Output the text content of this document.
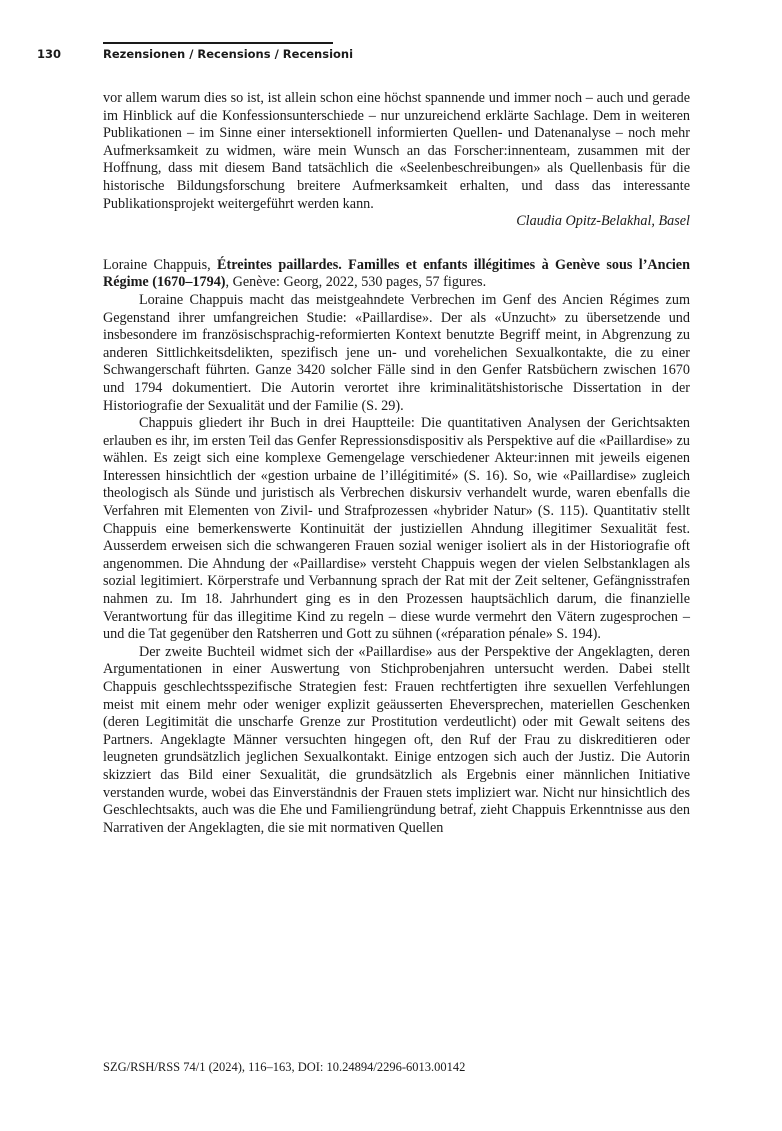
130	Rezensionen / Recensions / Recensioni

vor allem warum dies so ist, ist allein schon eine höchst spannende und immer noch – auch und gerade im Hinblick auf die Konfessionsunterschiede – nur unzureichend erklärte Sachlage. Dem in weiteren Publikationen – im Sinne einer intersektionell informierten Quellen- und Datenanalyse – noch mehr Aufmerksamkeit zu widmen, wäre mein Wunsch an das Forscher:innenteam, zusammen mit der Hoffnung, dass mit diesem Band tatsächlich die «Seelenbeschreibungen» als Quellenbasis für die historische Bildungsforschung breitere Aufmerksamkeit erhalten, und dass das interessante Publikationsprojekt weitergeführt werden kann.

Claudia Opitz-Belakhal, Basel

Loraine Chappuis, Étreintes paillardes. Familles et enfants illégitimes à Genève sous l’Ancien Régime (1670–1794), Genève: Georg, 2022, 530 pages, 57 figures.

Loraine Chappuis macht das meistgeahndete Verbrechen im Genf des Ancien Régimes zum Gegenstand ihrer umfangreichen Studie: «Paillardise». Der als «Unzucht» zu übersetzende und insbesondere im französischsprachig-reformierten Kontext benutzte Begriff meint, in Abgrenzung zu anderen Sittlichkeitsdelikten, spezifisch jene un- und vorehelichen Sexualkontakte, die zu einer Schwangerschaft führten. Ganze 3420 solcher Fälle sind in den Genfer Ratsbüchern zwischen 1670 und 1794 dokumentiert. Die Autorin verortet ihre kriminalitätshistorische Dissertation in der Historiografie der Sexualität und der Familie (S. 29).

Chappuis gliedert ihr Buch in drei Hauptteile: Die quantitativen Analysen der Gerichtsakten erlauben es ihr, im ersten Teil das Genfer Repressionsdispositiv als Perspektive auf die «Paillardise» zu wählen. Es zeigt sich eine komplexe Gemengelage verschiedener Akteur:innen mit jeweils eigenen Interessen hinsichtlich der «gestion urbaine de l’illégitimité» (S. 16). So, wie «Paillardise» zugleich theologisch als Sünde und juristisch als Verbrechen diskursiv verhandelt wurde, waren ebenfalls die Verfahren mit Elementen von Zivil- und Strafprozessen «hybrider Natur» (S. 115). Quantitativ stellt Chappuis eine bemerkenswerte Kontinuität der justiziellen Ahndung illegitimer Sexualität fest. Ausserdem erweisen sich die schwangeren Frauen sozial weniger isoliert als in der Historiografie oft angenommen. Die Ahndung der «Paillardise» versteht Chappuis wegen der vielen Selbstanklagen als sozial legitimiert. Körperstrafe und Verbannung sprach der Rat mit der Zeit seltener, Gefängnisstrafen nahmen zu. Im 18. Jahrhundert ging es in den Prozessen hauptsächlich darum, die finanzielle Verantwortung für das illegitime Kind zu regeln – diese wurde vermehrt den Vätern zugesprochen – und die Tat gegenüber den Ratsherren und Gott zu sühnen («réparation pénale» S. 194).

Der zweite Buchteil widmet sich der «Paillardise» aus der Perspektive der Angeklagten, deren Argumentationen in einer Auswertung von Stichprobenjahren untersucht werden. Dabei stellt Chappuis geschlechtsspezifische Strategien fest: Frauen rechtfertigten ihre sexuellen Verfehlungen meist mit einem mehr oder weniger explizit geäusserten Eheversprechen, materiellen Geschenken (deren Legitimität die unscharfe Grenze zur Prostitution verdeutlicht) oder mit Gewalt seitens des Partners. Angeklagte Männer versuchten hingegen oft, den Ruf der Frau zu diskreditieren oder leugneten grundsätzlich jeglichen Sexualkontakt. Einige entzogen sich auch der Justiz. Die Autorin skizziert das Bild einer Sexualität, die grundsätzlich als Ergebnis einer männlichen Initiative verstanden wurde, wobei das Einverständnis der Frauen stets impliziert war. Nicht nur hinsichtlich des Geschlechtsakts, auch was die Ehe und Familiengründung betraf, zieht Chappuis Erkenntnisse aus den Narrativen der Angeklagten, die sie mit normativen Quellen

SZG/RSH/RSS 74/1 (2024), 116–163, DOI: 10.24894/2296-6013.00142
